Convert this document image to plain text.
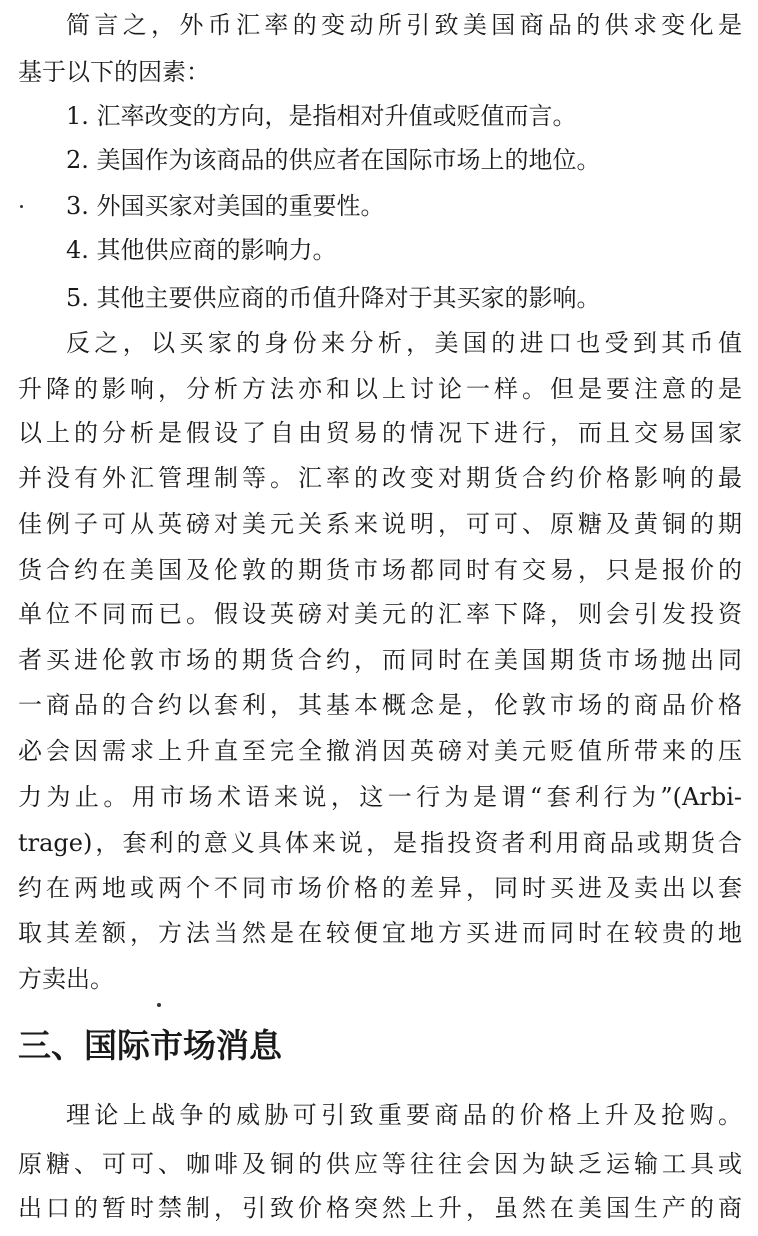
简言之，外币汇率的变动所引致美国商品的供求变化是
基于以下的因素：
1. 汇率改变的方向，是指相对升值或贬值而言。
2. 美国作为该商品的供应者在国际市场上的地位。
3. 外国买家对美国的重要性。
4. 其他供应商的影响力。
5. 其他主要供应商的币值升降对于其买家的影响。
反之，以买家的身份来分析，美国的进口也受到其币值
升降的影响，分析方法亦和以上讨论一样。但是要注意的是
以上的分析是假设了自由贸易的情况下进行，而且交易国家
并没有外汇管理制等。汇率的改变对期货合约价格影响的最
佳例子可从英磅对美元关系来说明，可可、原糖及黄铜的期
货合约在美国及伦敦的期货市场都同时有交易，只是报价的
单位不同而已。假设英磅对美元的汇率下降，则会引发投资
者买进伦敦市场的期货合约，而同时在美国期货市场抛出同
一商品的合约以套利，其基本概念是，伦敦市场的商品价格
必会因需求上升直至完全撤消因英磅对美元贬值所带来的压
力为止。用市场术语来说，这一行为是谓“套利行为”(Arbi-
trage)，套利的意义具体来说，是指投资者利用商品或期货合
约在两地或两个不同市场价格的差异，同时买进及卖出以套
取其差额，方法当然是在较便宜地方买进而同时在较贵的地
方卖出。
三、国际市场消息
理论上战争的威胁可引致重要商品的价格上升及抢购。
原糖、可可、咖啡及铜的供应等往往会因为缺乏运输工具或
出口的暂时禁制，引致价格突然上升，虽然在美国生产的商
